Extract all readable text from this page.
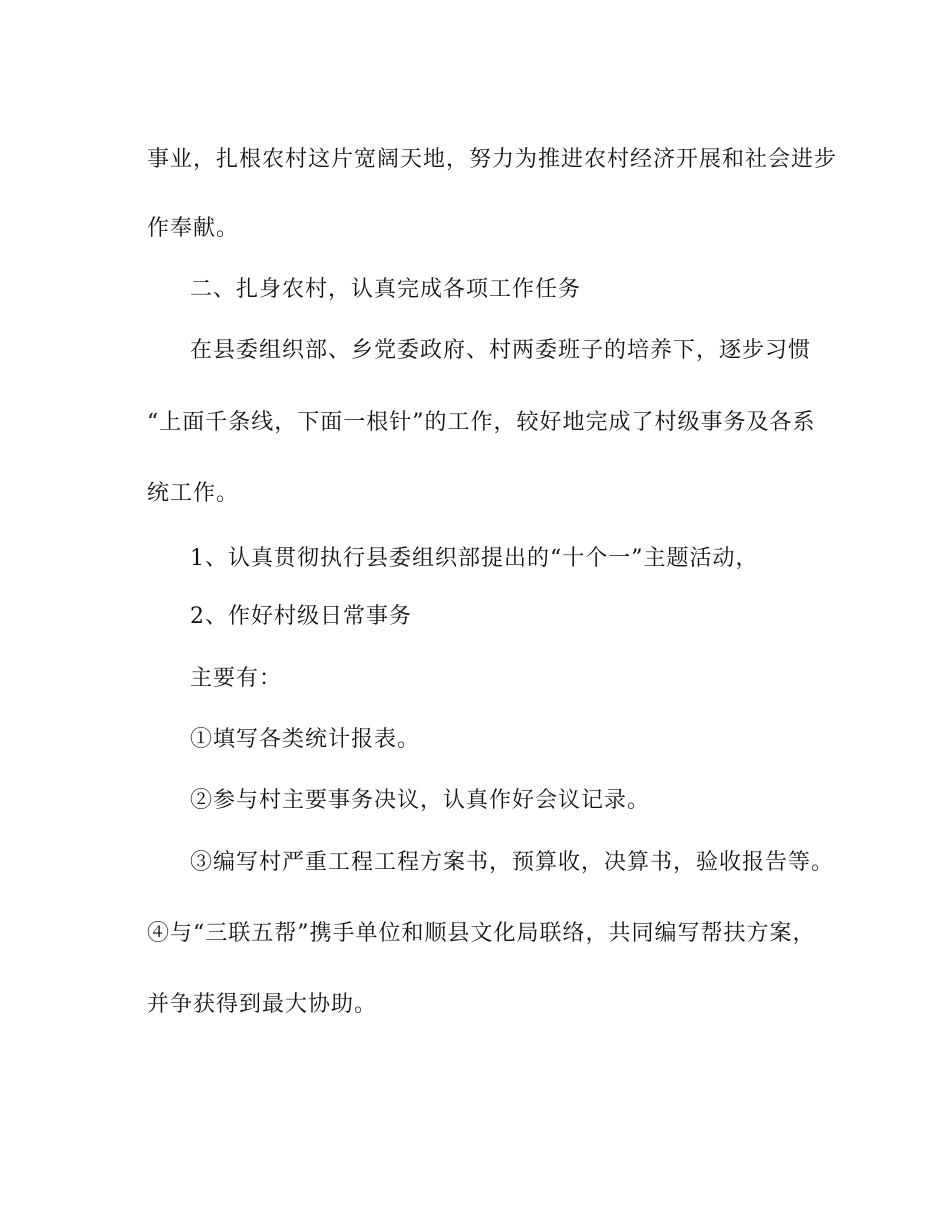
事业，扎根农村这片宽阔天地，努力为推进农村经济开展和社会进步

作奉献。

二、扎身农村，认真完成各项工作任务

在县委组织部、乡党委政府、村两委班子的培养下，逐步习惯

“上面千条线，下面一根针”的工作，较好地完成了村级事务及各系

统工作。

1、认真贯彻执行县委组织部提出的“十个一”主题活动，

2、作好村级日常事务

主要有：

①填写各类统计报表。

②参与村主要事务决议，认真作好会议记录。

③编写村严重工程工程方案书，预算收，决算书，验收报告等。

④与“三联五帮”携手单位和顺县文化局联络，共同编写帮扶方案，

并争获得到最大协助。
